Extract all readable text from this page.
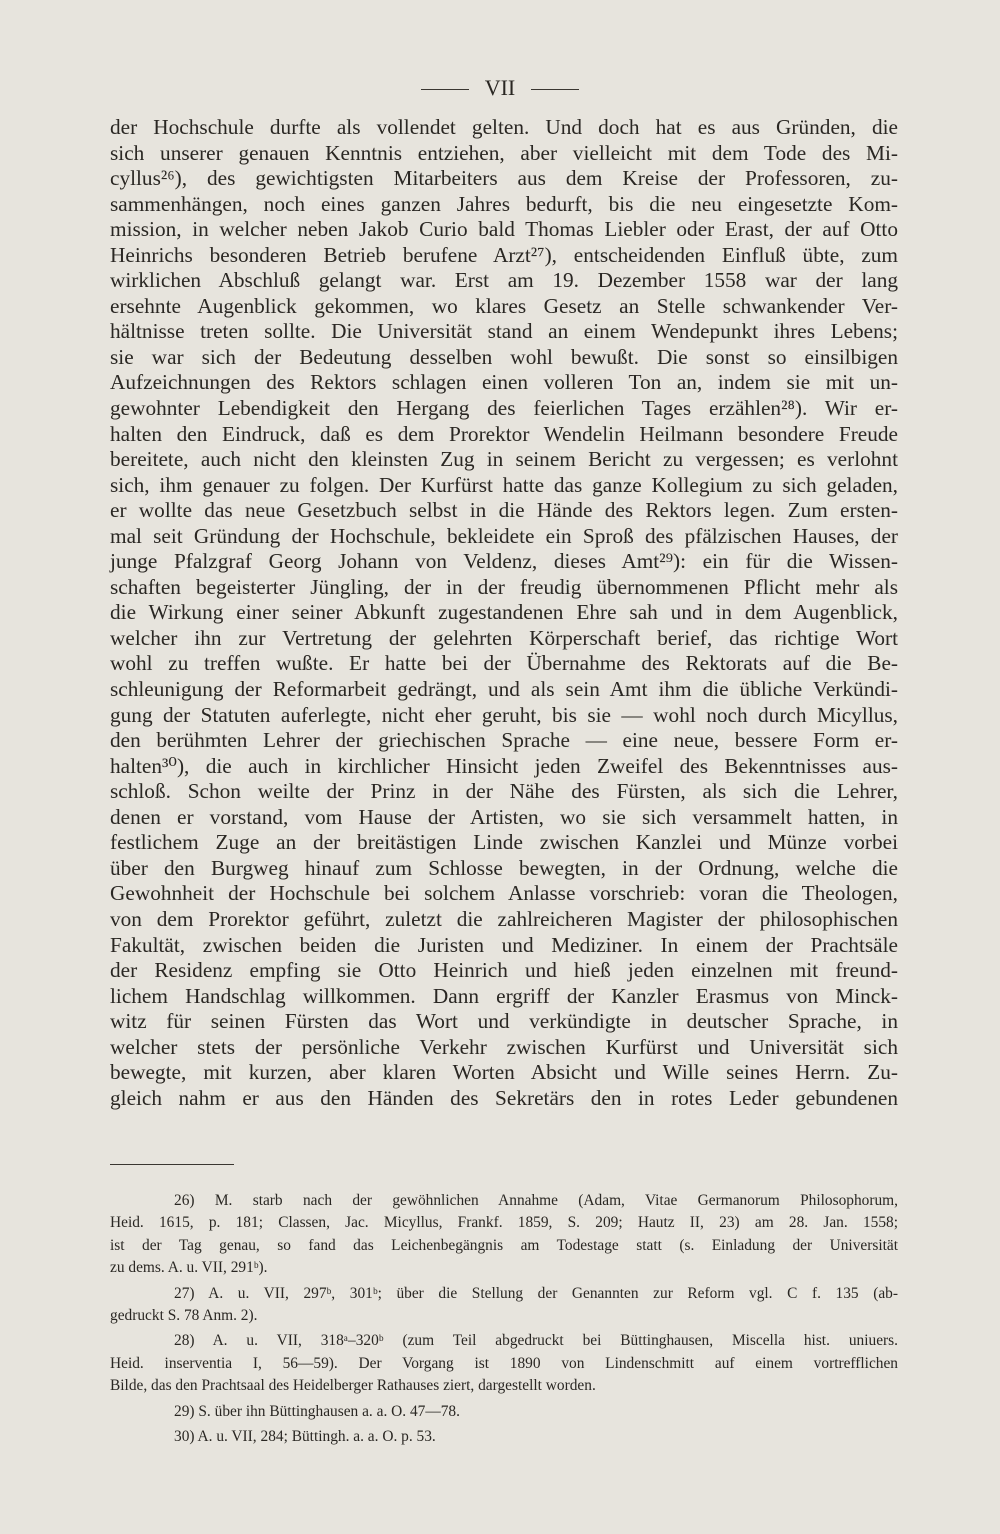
VII
der Hochschule durfte als vollendet gelten. Und doch hat es aus Gründen, die
sich unserer genauen Kenntnis entziehen, aber vielleicht mit dem Tode des Mi-
cyllus²⁶), des gewichtigsten Mitarbeiters aus dem Kreise der Professoren, zu-
sammenhängen, noch eines ganzen Jahres bedurft, bis die neu eingesetzte Kom-
mission, in welcher neben Jakob Curio bald Thomas Liebler oder Erast, der auf Otto
Heinrichs besonderen Betrieb berufene Arzt²⁷), entscheidenden Einfluß übte, zum
wirklichen Abschluß gelangt war. Erst am 19. Dezember 1558 war der lang
ersehnte Augenblick gekommen, wo klares Gesetz an Stelle schwankender Ver-
hältnisse treten sollte. Die Universität stand an einem Wendepunkt ihres Lebens;
sie war sich der Bedeutung desselben wohl bewußt. Die sonst so einsilbigen
Aufzeichnungen des Rektors schlagen einen volleren Ton an, indem sie mit un-
gewohnter Lebendigkeit den Hergang des feierlichen Tages erzählen²⁸). Wir er-
halten den Eindruck, daß es dem Prorektor Wendelin Heilmann besondere Freude
bereitete, auch nicht den kleinsten Zug in seinem Bericht zu vergessen; es verlohnt
sich, ihm genauer zu folgen. Der Kurfürst hatte das ganze Kollegium zu sich geladen,
er wollte das neue Gesetzbuch selbst in die Hände des Rektors legen. Zum ersten-
mal seit Gründung der Hochschule, bekleidete ein Sproß des pfälzischen Hauses, der
junge Pfalzgraf Georg Johann von Veldenz, dieses Amt²⁹): ein für die Wissen-
schaften begeisterter Jüngling, der in der freudig übernommenen Pflicht mehr als
die Wirkung einer seiner Abkunft zugestandenen Ehre sah und in dem Augenblick,
welcher ihn zur Vertretung der gelehrten Körperschaft berief, das richtige Wort
wohl zu treffen wußte. Er hatte bei der Übernahme des Rektorats auf die Be-
schleunigung der Reformarbeit gedrängt, und als sein Amt ihm die übliche Verkündi-
gung der Statuten auferlegte, nicht eher geruht, bis sie — wohl noch durch Micyllus,
den berühmten Lehrer der griechischen Sprache — eine neue, bessere Form er-
halten³⁰), die auch in kirchlicher Hinsicht jeden Zweifel des Bekenntnisses aus-
schloß. Schon weilte der Prinz in der Nähe des Fürsten, als sich die Lehrer,
denen er vorstand, vom Hause der Artisten, wo sie sich versammelt hatten, in
festlichem Zuge an der breitästigen Linde zwischen Kanzlei und Münze vorbei
über den Burgweg hinauf zum Schlosse bewegten, in der Ordnung, welche die
Gewohnheit der Hochschule bei solchem Anlasse vorschrieb: voran die Theologen,
von dem Prorektor geführt, zuletzt die zahlreicheren Magister der philosophischen
Fakultät, zwischen beiden die Juristen und Mediziner. In einem der Prachtsäle
der Residenz empfing sie Otto Heinrich und hieß jeden einzelnen mit freund-
lichem Handschlag willkommen. Dann ergriff der Kanzler Erasmus von Minck-
witz für seinen Fürsten das Wort und verkündigte in deutscher Sprache, in
welcher stets der persönliche Verkehr zwischen Kurfürst und Universität sich
bewegte, mit kurzen, aber klaren Worten Absicht und Wille seines Herrn. Zu-
gleich nahm er aus den Händen des Sekretärs den in rotes Leder gebundenen
26) M. starb nach der gewöhnlichen Annahme (Adam, Vitae Germanorum Philosophorum,
Heid. 1615, p. 181; Classen, Jac. Micyllus, Frankf. 1859, S. 209; Hautz II, 23) am 28. Jan. 1558;
ist der Tag genau, so fand das Leichenbegängnis am Todestage statt (s. Einladung der Universität
zu dems. A. u. VII, 291ᵇ).
27) A. u. VII, 297ᵇ, 301ᵇ; über die Stellung der Genannten zur Reform vgl. C f. 135 (ab-
gedruckt S. 78 Anm. 2).
28) A. u. VII, 318ᵃ–320ᵇ (zum Teil abgedruckt bei Büttinghausen, Miscella hist. uniuers.
Heid. inserventia I, 56—59). Der Vorgang ist 1890 von Lindenschmitt auf einem vortrefflichen
Bilde, das den Prachtsaal des Heidelberger Rathauses ziert, dargestellt worden.
29) S. über ihn Büttinghausen a. a. O. 47—78.
30) A. u. VII, 284; Büttingh. a. a. O. p. 53.
